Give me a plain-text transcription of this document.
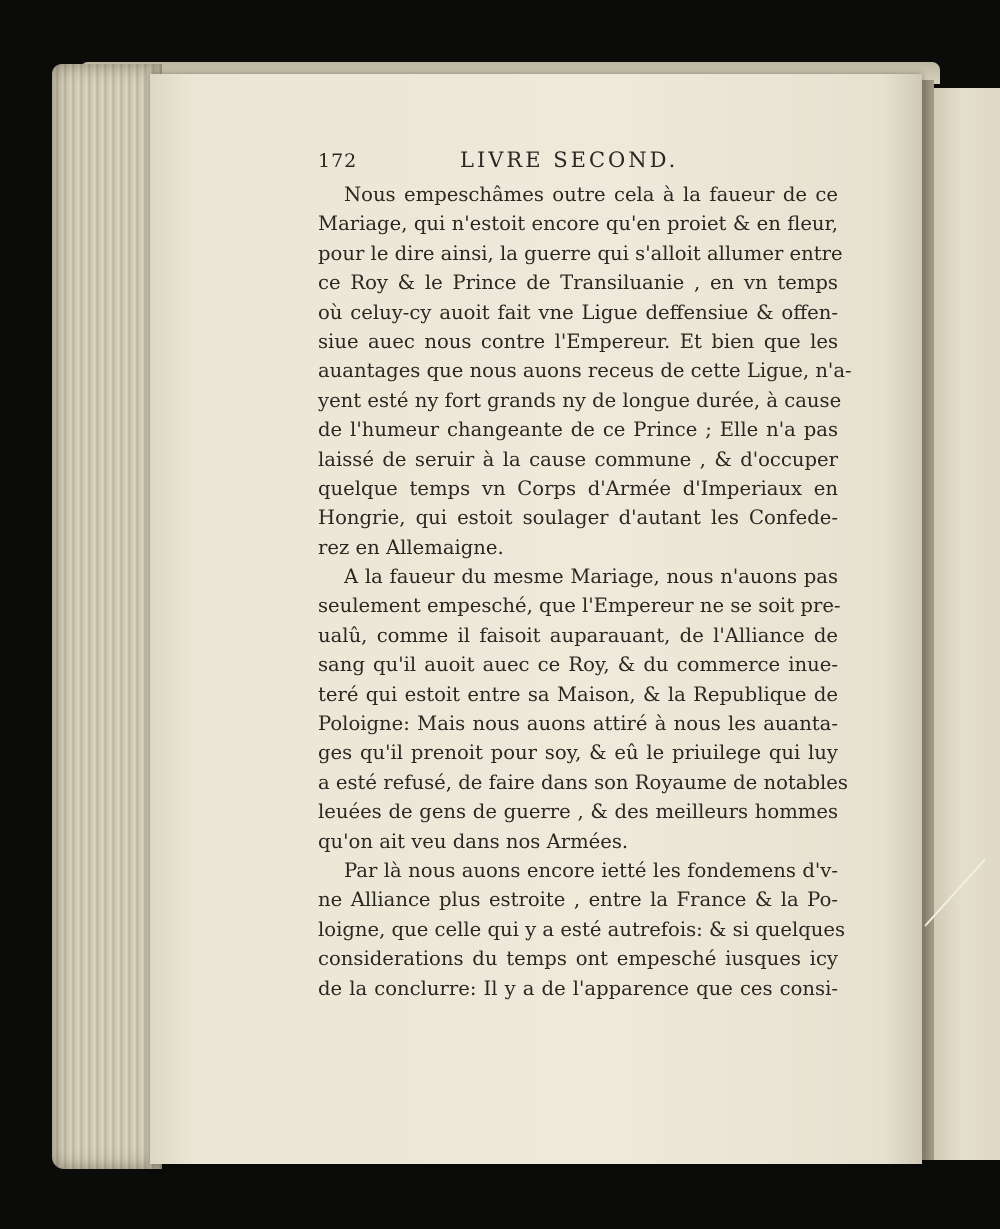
172	LIVRE SECOND.
Nous empeschâmes outre cela à la faueur de ce
Mariage, qui n'estoit encore qu'en proiet & en fleur,
pour le dire ainsi, la guerre qui s'alloit allumer entre
ce Roy & le Prince de Transiluanie , en vn temps
où celuy-cy auoit fait vne Ligue deffensiue & offen-
siue auec nous contre l'Empereur. Et bien que les
auantages que nous auons receus de cette Ligue, n'a-
yent esté ny fort grands ny de longue durée, à cause
de l'humeur changeante de ce Prince ; Elle n'a pas
laissé de seruir à la cause commune , & d'occuper
quelque temps vn Corps d'Armée d'Imperiaux en
Hongrie, qui estoit soulager d'autant les Confede-
rez en Allemaigne.
A la faueur du mesme Mariage, nous n'auons pas
seulement empesché, que l'Empereur ne se soit pre-
ualû, comme il faisoit auparauant, de l'Alliance de
sang qu'il auoit auec ce Roy, & du commerce inue-
teré qui estoit entre sa Maison, & la Republique de
Poloigne: Mais nous auons attiré à nous les auanta-
ges qu'il prenoit pour soy, & eû le priuilege qui luy
a esté refusé, de faire dans son Royaume de notables
leuées de gens de guerre , & des meilleurs hommes
qu'on ait veu dans nos Armées.
Par là nous auons encore ietté les fondemens d'v-
ne Alliance plus estroite , entre la France & la Po-
loigne, que celle qui y a esté autrefois: & si quelques
considerations du temps ont empesché iusques icy
de la conclurre: Il y a de l'apparence que ces consi-
